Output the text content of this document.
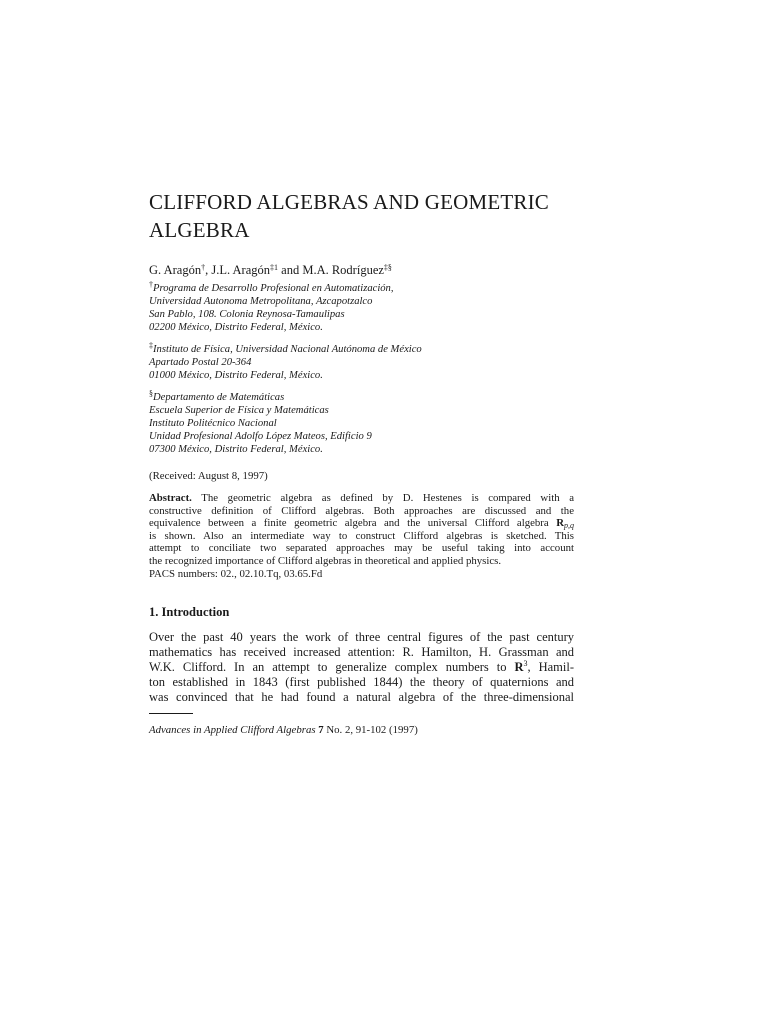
CLIFFORD ALGEBRAS AND GEOMETRIC
ALGEBRA
G. Aragón†, J.L. Aragón$^{\ddagger 1}$ and M.A. Rodríguez‡§
†Programa de Desarrollo Profesional en Automatización,
Universidad Autonoma Metropolitana, Azcapotzalco
San Pablo, 108. Colonia Reynosa-Tamaulipas
02200 México, Distrito Federal, México.
‡Instituto de Física, Universidad Nacional Autónoma de México
Apartado Postal 20-364
01000 México, Distrito Federal, México.
§Departamento de Matemáticas
Escuela Superior de Física y Matemáticas
Instituto Politécnico Nacional
Unidad Profesional Adolfo López Mateos, Edificio 9
07300 México, Distrito Federal, México.
(Received: August 8, 1997)
Abstract. The geometric algebra as defined by D. Hestenes is compared with a
constructive definition of Clifford algebras. Both approaches are discussed and the
equivalence between a finite geometric algebra and the universal Clifford algebra $R_{p,q}$
is shown. Also an intermediate way to construct Clifford algebras is sketched. This
attempt to conciliate two separated approaches may be useful taking into account
the recognized importance of Clifford algebras in theoretical and applied physics.
PACS numbers: 02., 02.10.Tq, 03.65.Fd
1. Introduction
Over the past 40 years the work of three central figures of the past century
mathematics has received increased attention: R. Hamilton, H. Grassman and
W.K. Clifford. In an attempt to generalize complex numbers to $R^3$, Hamil-
ton established in 1843 (first published 1844) the theory of quaternions and
was convinced that he had found a natural algebra of the three-dimensional
Advances in Applied Clifford Algebras 7 No. 2, 91-102 (1997)
